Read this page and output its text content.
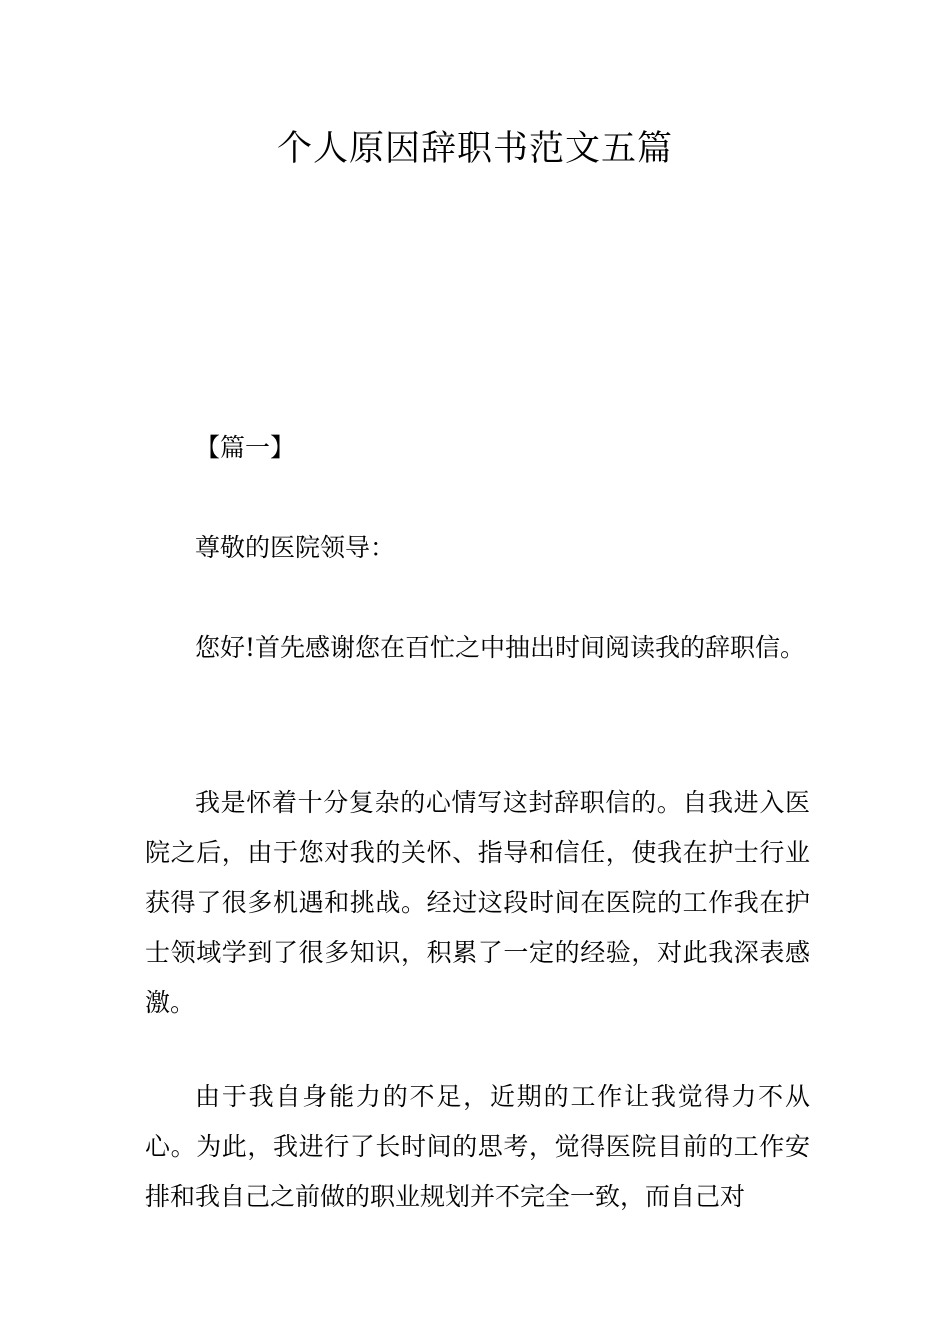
个人原因辞职书范文五篇

【篇一】

尊敬的医院领导：

您好!首先感谢您在百忙之中抽出时间阅读我的辞职信。

我是怀着十分复杂的心情写这封辞职信的。自我进入医院之后，由于您对我的关怀、指导和信任，使我在护士行业获得了很多机遇和挑战。经过这段时间在医院的工作我在护士领域学到了很多知识，积累了一定的经验，对此我深表感激。

由于我自身能力的不足，近期的工作让我觉得力不从心。为此，我进行了长时间的思考，觉得医院目前的工作安排和我自己之前做的职业规划并不完全一致，而自己对
